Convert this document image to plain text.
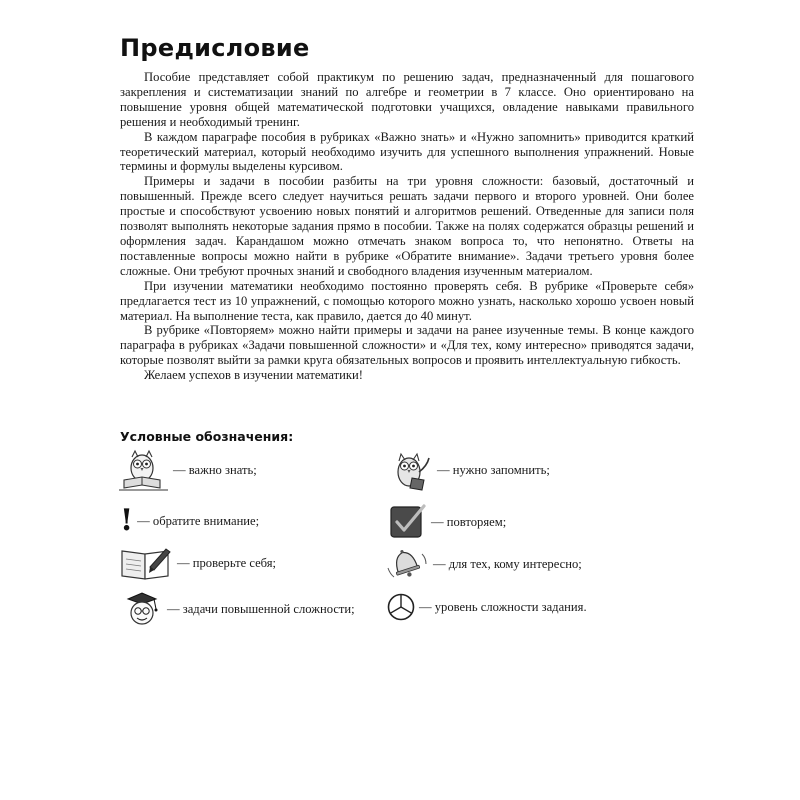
Предисловие

Пособие представляет собой практикум по решению задач, предназначенный для пошагового закрепления и систематизации знаний по алгебре и геометрии в 7 классе. Оно ориентировано на повышение уровня общей математической подготовки учащихся, овладение навыками правильного решения и необходимый тренинг.

В каждом параграфе пособия в рубриках «Важно знать» и «Нужно запомнить» приводится краткий теоретический материал, который необходимо изучить для успешного выполнения упражнений. Новые термины и формулы выделены курсивом.

Примеры и задачи в пособии разбиты на три уровня сложности: базовый, достаточный и повышенный. Прежде всего следует научиться решать задачи первого и второго уровней. Они более простые и способствуют усвоению новых понятий и алгоритмов решений. Отведенные для записи поля позволят выполнять некоторые задания прямо в пособии. Также на полях содержатся образцы решений и оформления задач. Карандашом можно отмечать знаком вопроса то, что непонятно. Ответы на поставленные вопросы можно найти в рубрике «Обратите внимание». Задачи третьего уровня более сложные. Они требуют прочных знаний и свободного владения изученным материалом.

При изучении математики необходимо постоянно проверять себя. В рубрике «Проверьте себя» предлагается тест из 10 упражнений, с помощью которого можно узнать, насколько хорошо усвоен новый материал. На выполнение теста, как правило, дается до 40 минут.

В рубрике «Повторяем» можно найти примеры и задачи на ранее изученные темы. В конце каждого параграфа в рубриках «Задачи повышенной сложности» и «Для тех, кому интересно» приводятся задачи, которые позволят выйти за рамки круга обязательных вопросов и проявить интеллектуальную гибкость.

Желаем успехов в изучении математики!

Условные обозначения:
— важно знать;
! — обратите внимание;
— проверьте себя;
— задачи повышенной сложности;
— нужно запомнить;
— повторяем;
— для тех, кому интересно;
— уровень сложности задания.
